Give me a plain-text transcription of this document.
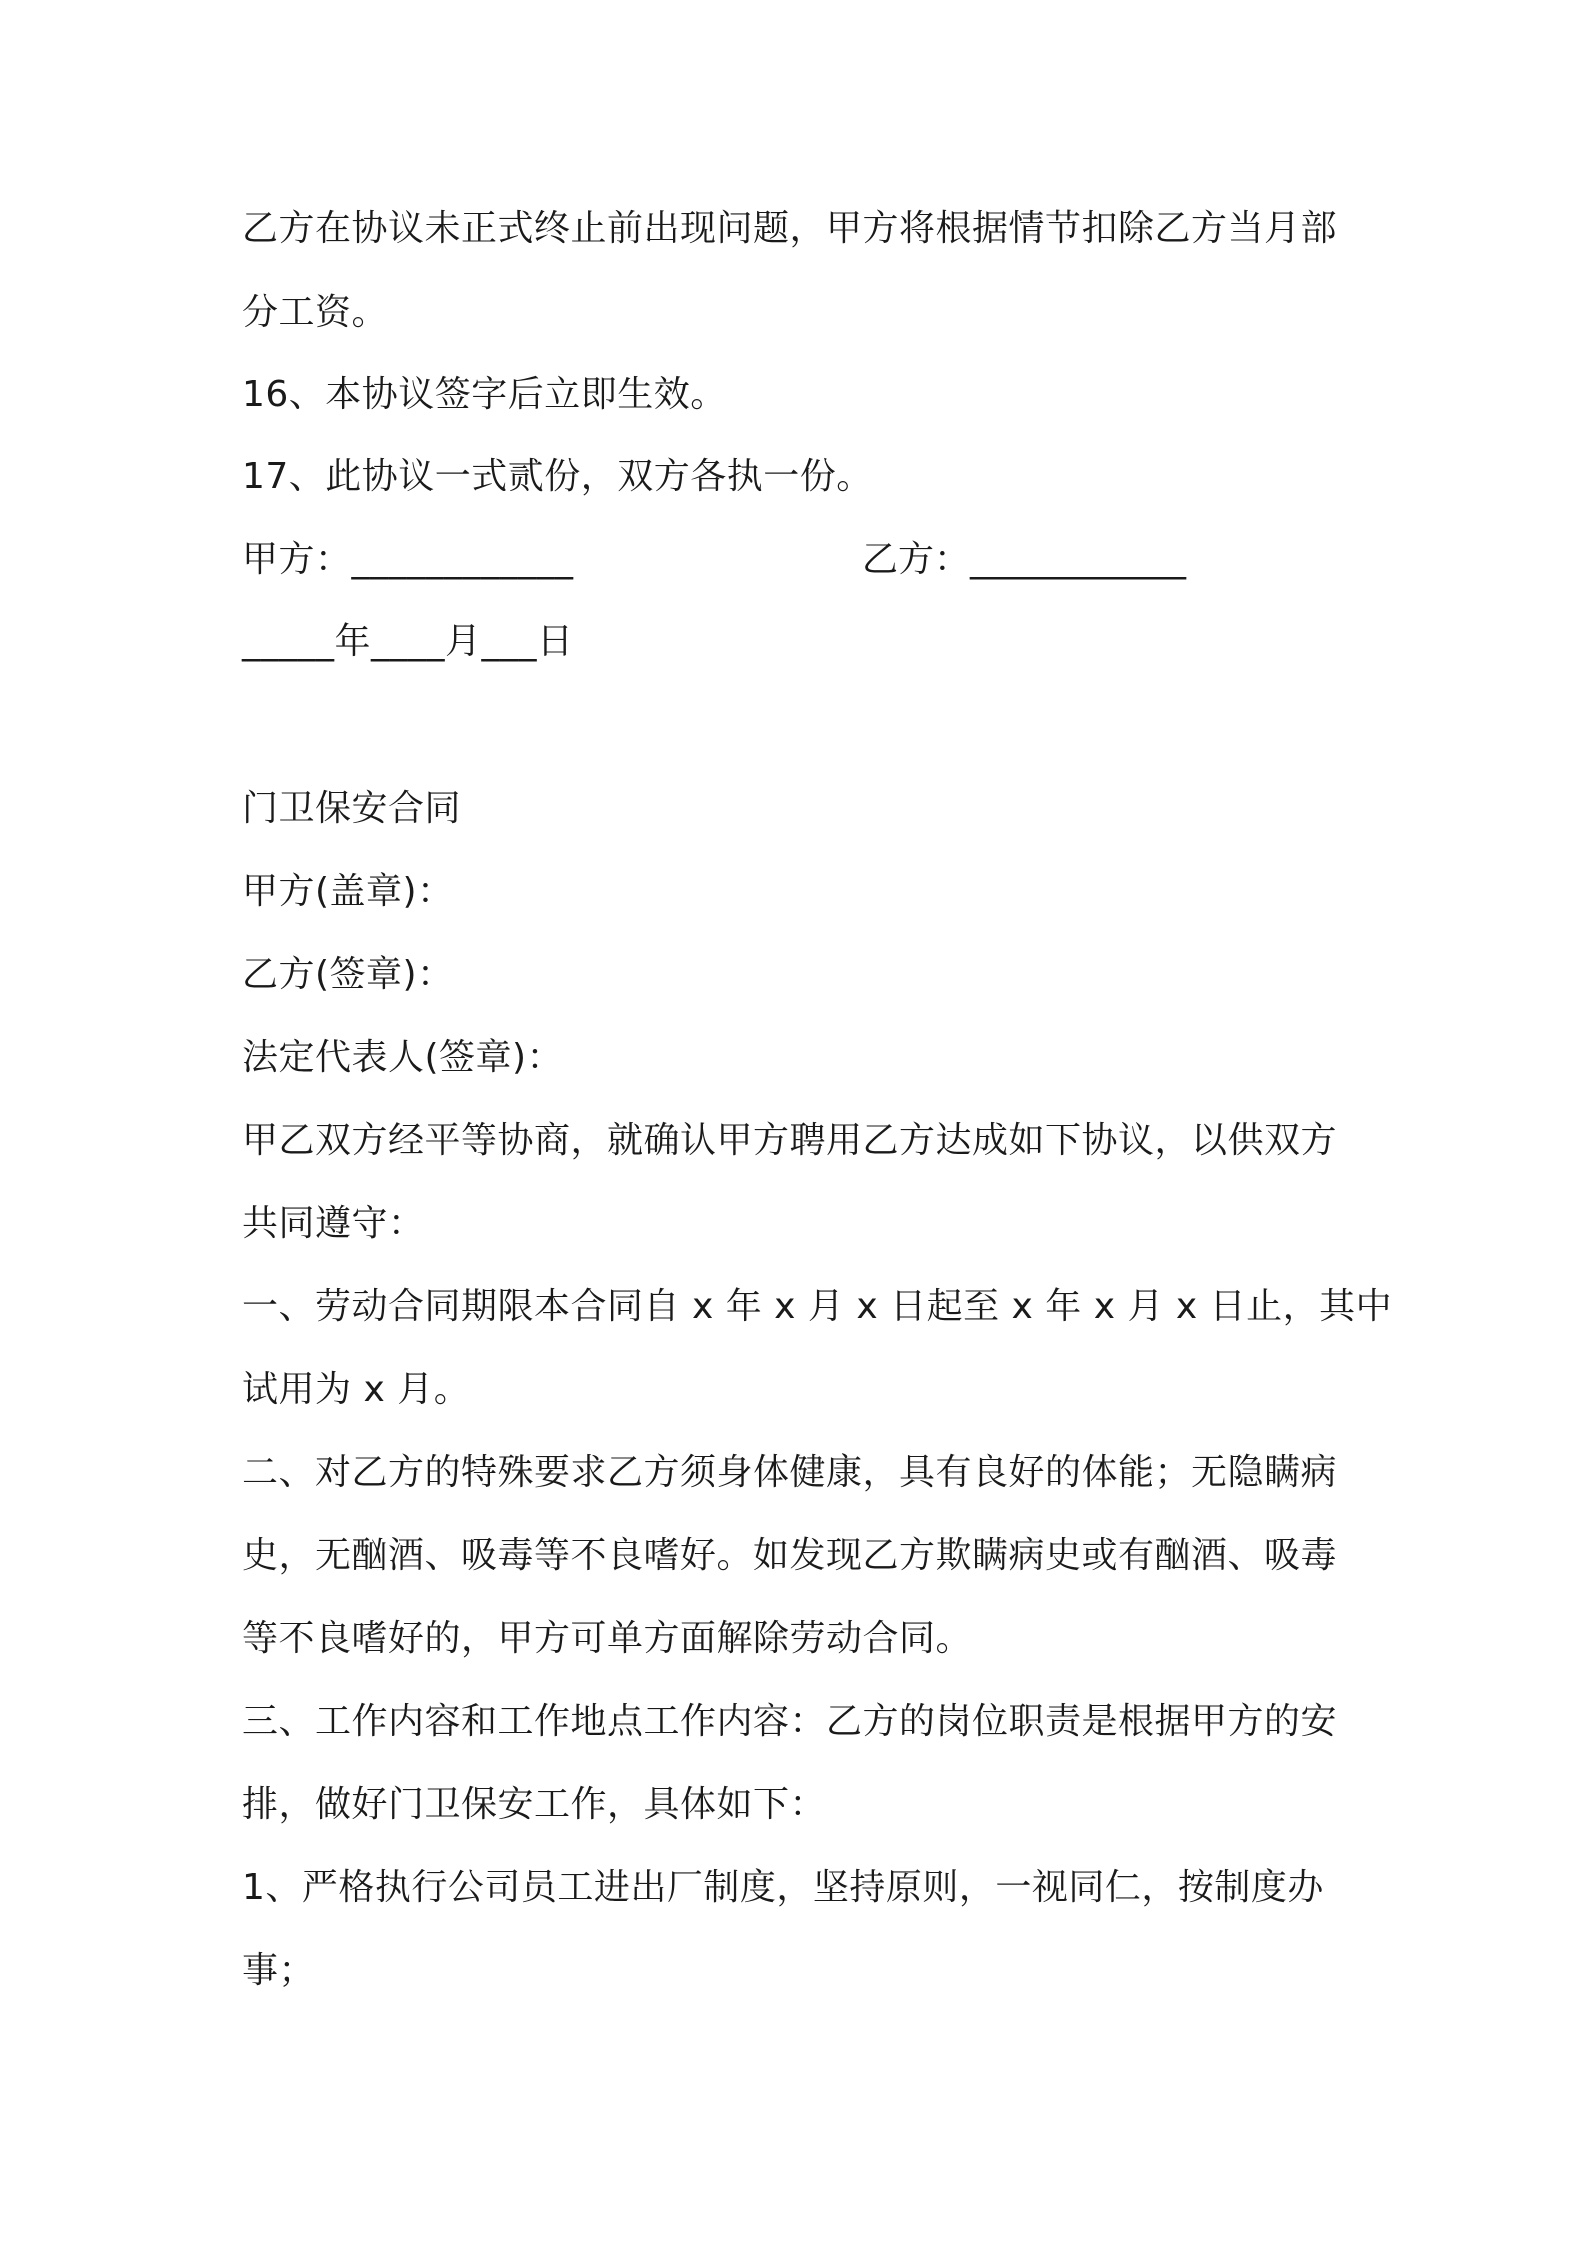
乙方在协议未正式终止前出现问题，甲方将根据情节扣除乙方当月部
分工资。
16、本协议签字后立即生效。
17、此协议一式贰份，双方各执一份。
甲方：____________	乙方：____________
_____年____月___日
门卫保安合同
甲方(盖章)：
乙方(签章)：
法定代表人(签章)：
甲乙双方经平等协商，就确认甲方聘用乙方达成如下协议，以供双方
共同遵守：
一、劳动合同期限本合同自 x 年 x 月 x 日起至 x 年 x 月 x 日止，其中
试用为 x 月。
二、对乙方的特殊要求乙方须身体健康，具有良好的体能；无隐瞒病
史，无酗酒、吸毒等不良嗜好。如发现乙方欺瞒病史或有酗酒、吸毒
等不良嗜好的，甲方可单方面解除劳动合同。
三、工作内容和工作地点工作内容：乙方的岗位职责是根据甲方的安
排，做好门卫保安工作，具体如下：
1、严格执行公司员工进出厂制度，坚持原则，一视同仁，按制度办
事；
